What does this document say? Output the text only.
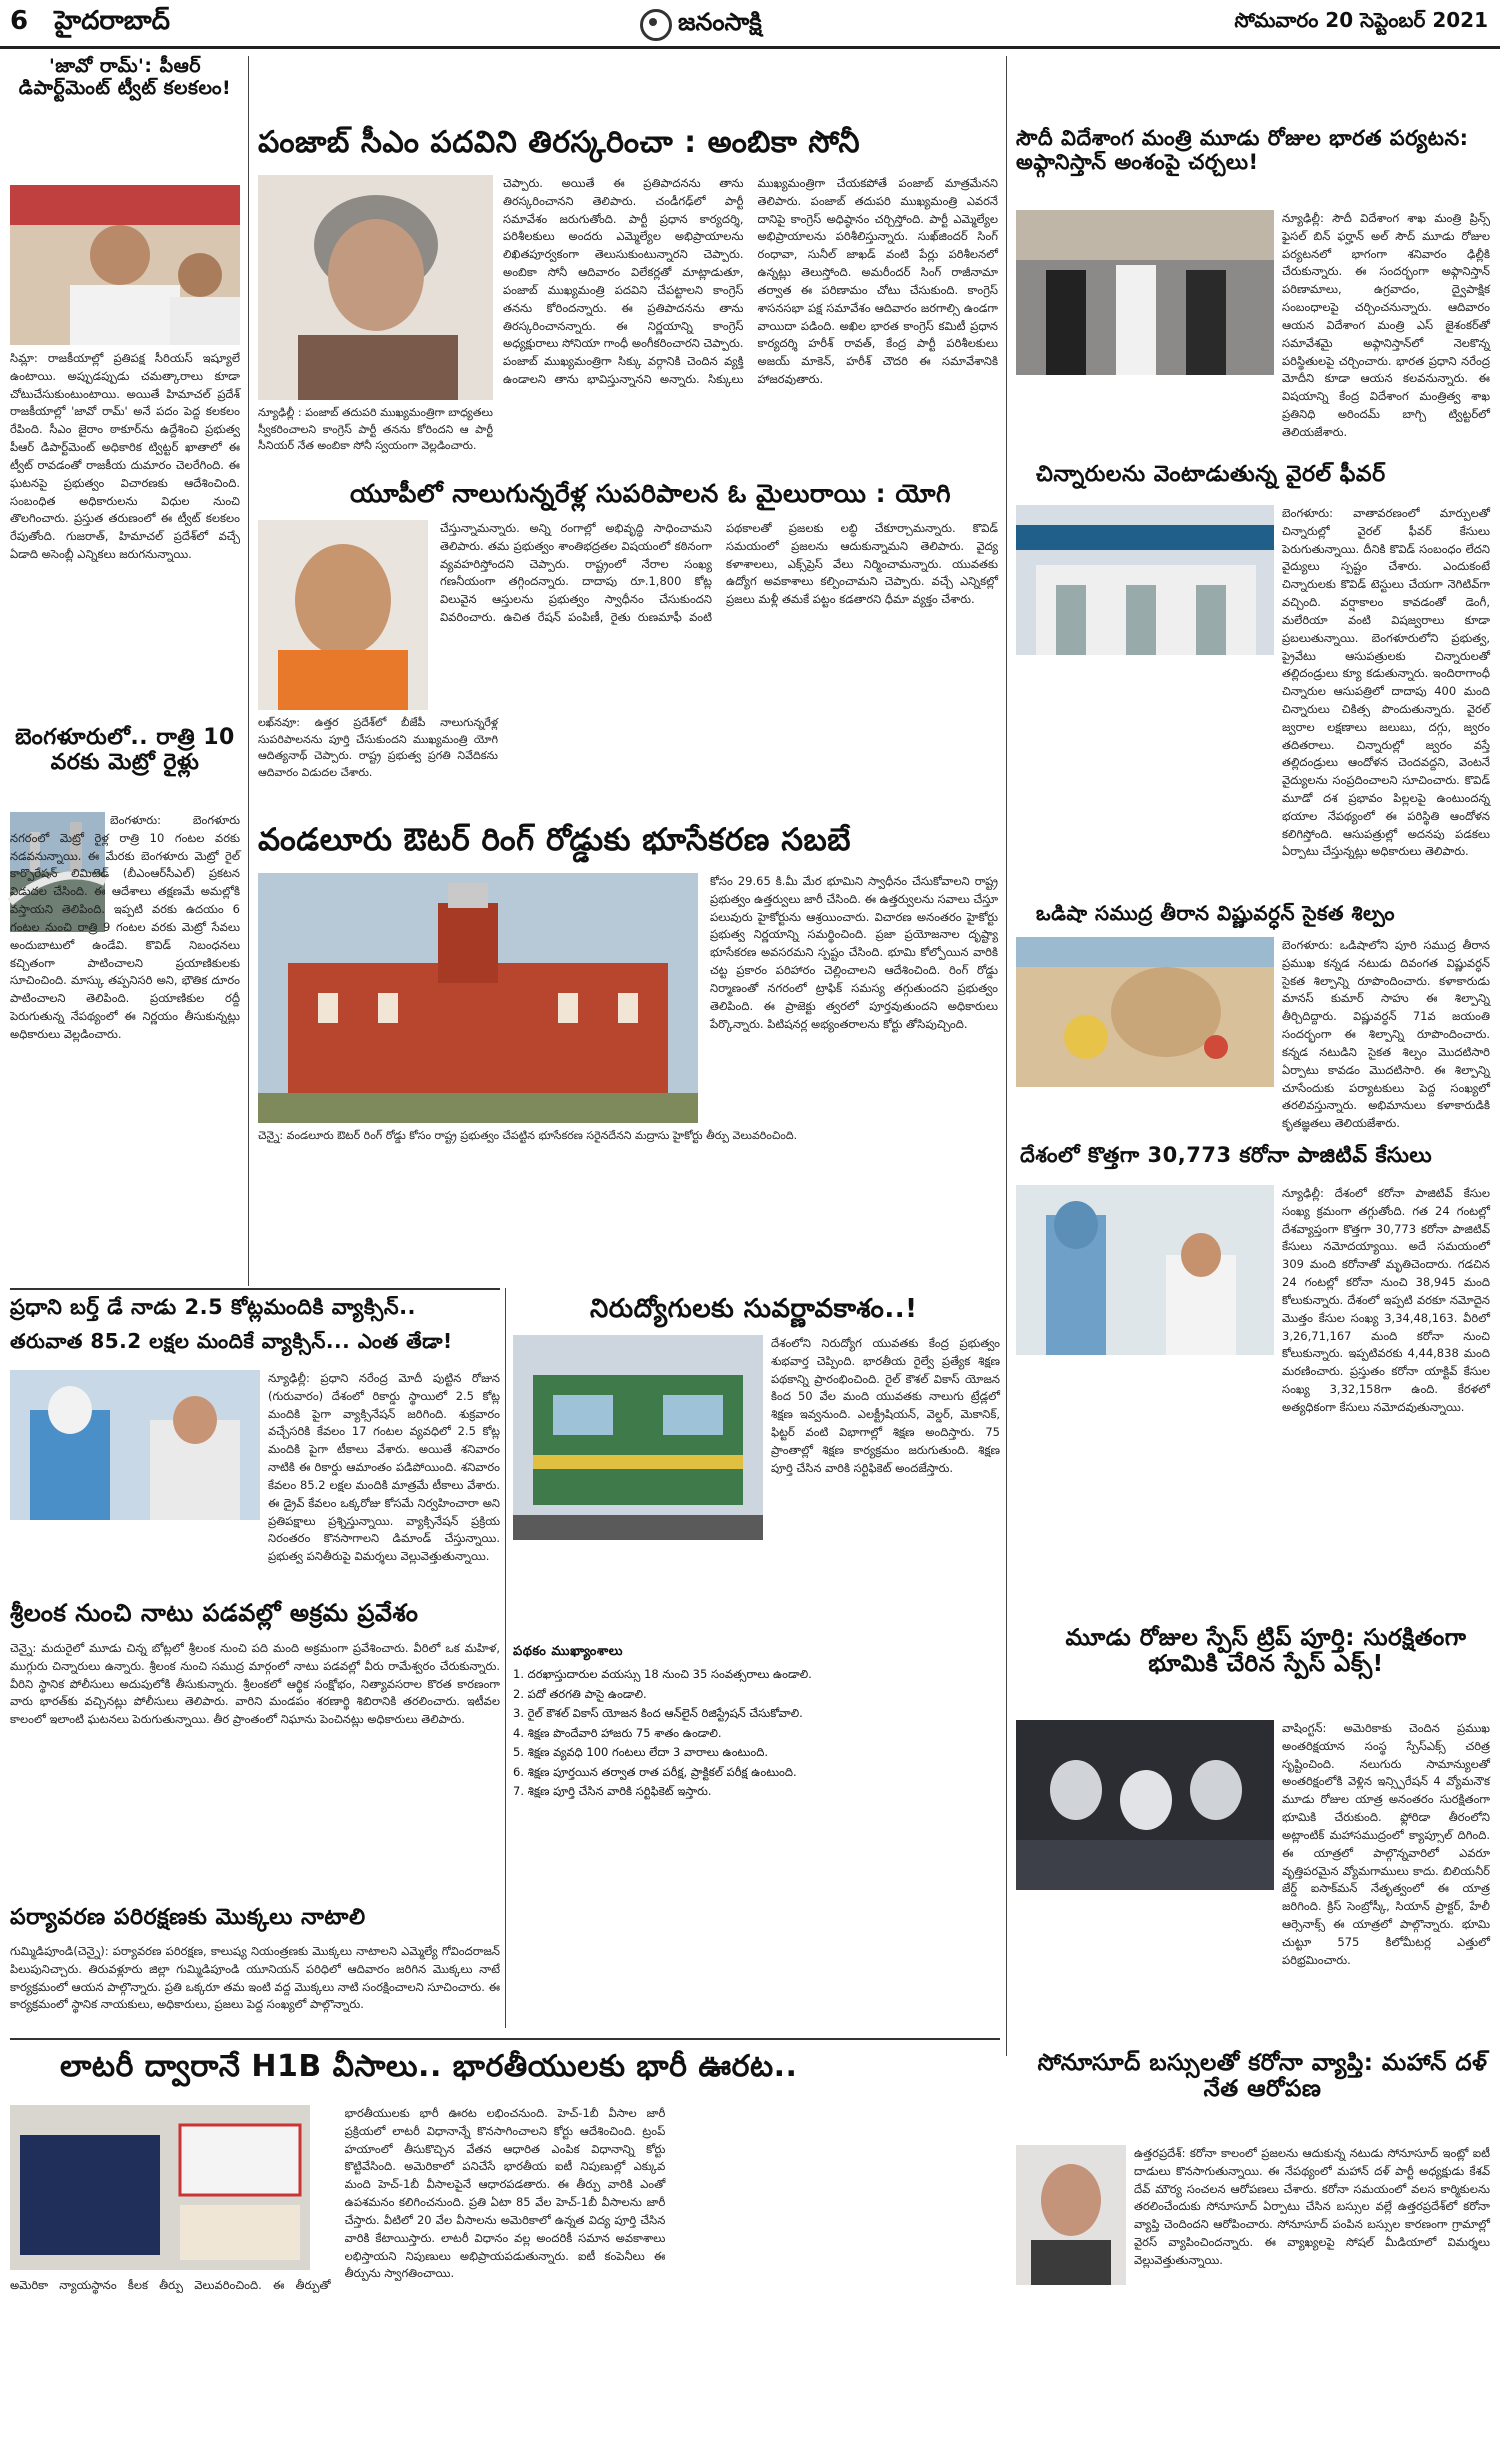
6 హైదరాబాద్	జనంసాక్షి	సోమవారం 20 సెప్టెంబర్ 2021
'జావో రామ్': పీఆర్ డిపార్ట్‌మెంట్ ట్వీట్ కలకలం!
సిమ్లా: రాజకీయాల్లో ప్రతిపక్ష సీరియస్ ఇష్యూలే ఉంటాయి. అప్పుడప్పుడు చమత్కారాలు కూడా చోటుచేసుకుంటుంటాయి. అయితే హిమాచల్ ప్రదేశ్ రాజకీయాల్లో 'జావో రామ్' అనే పదం పెద్ద కలకలం రేపింది. సీఎం జైరాం ఠాకూర్‌ను ఉద్దేశించి ప్రభుత్వ పీఆర్ డిపార్ట్‌మెంట్ అధికారిక ట్విట్టర్ ఖాతాలో ఈ ట్వీట్ రావడంతో రాజకీయ దుమారం చెలరేగింది. ఈ ఘటనపై ప్రభుత్వం విచారణకు ఆదేశించింది. సంబంధిత అధికారులను విధుల నుంచి తొలగించారు. ప్రస్తుత తరుణంలో ఈ ట్వీట్ కలకలం రేపుతోంది. గుజరాత్, హిమాచల్ ప్రదేశ్‌లో వచ్చే ఏడాది అసెంబ్లీ ఎన్నికలు జరుగనున్నాయి.
బెంగళూరులో.. రాత్రి 10 వరకు మెట్రో రైళ్లు
బెంగళూరు: బెంగళూరు నగరంలో మెట్రో రైళ్ల రాత్రి 10 గంటల వరకు నడవనున్నాయి. ఈ మేరకు బెంగళూరు మెట్రో రైల్ కార్పొరేషన్ లిమిటెడ్ (బీఎంఆర్‌సీఎల్) ప్రకటన విడుదల చేసింది. ఈ ఆదేశాలు తక్షణమే అమల్లోకి వస్తాయని తెలిపింది. ఇప్పటి వరకు ఉదయం 6 గంటల నుంచి రాత్రి 9 గంటల వరకు మెట్రో సేవలు అందుబాటులో ఉండేవి. కొవిడ్ నిబంధనలు కచ్చితంగా పాటించాలని ప్రయాణికులకు సూచించింది. మాస్కు తప్పనిసరి అని, భౌతిక దూరం పాటించాలని తెలిపింది. ప్రయాణికుల రద్దీ పెరుగుతున్న నేపథ్యంలో ఈ నిర్ణయం తీసుకున్నట్లు అధికారులు వెల్లడించారు.
పంజాబ్ సీఎం పదవిని తిరస్కరించా : అంబికా సోనీ
న్యూఢిల్లీ : పంజాబ్ తదుపరి ముఖ్యమంత్రిగా బాధ్యతలు స్వీకరించాలని కాంగ్రెస్ పార్టీ తనను కోరిందని ఆ పార్టీ సీనియర్ నేత అంబికా సోనీ స్వయంగా వెల్లడించారు.
చెప్పారు. అయితే ఈ ప్రతిపాదనను తాను తిరస్కరించానని తెలిపారు. చండీగఢ్‌లో పార్టీ సమావేశం జరుగుతోంది. పార్టీ ప్రధాన కార్యదర్శి, పరిశీలకులు అందరు ఎమ్మెల్యేల అభిప్రాయాలను లిఖితపూర్వకంగా తెలుసుకుంటున్నారని చెప్పారు. అంబికా సోనీ ఆదివారం విలేకర్లతో మాట్లాడుతూ, పంజాబ్ ముఖ్యమంత్రి పదవిని చేపట్టాలని కాంగ్రెస్ తనను కోరిందన్నారు. ఈ ప్రతిపాదనను తాను తిరస్కరించానన్నారు. ఈ నిర్ణయాన్ని కాంగ్రెస్ అధ్యక్షురాలు సోనియా గాంధీ అంగీకరించారని చెప్పారు. పంజాబ్ ముఖ్యమంత్రిగా సిక్కు వర్గానికి చెందిన వ్యక్తి ఉండాలని తాను భావిస్తున్నానని అన్నారు. సిక్కులు ముఖ్యమంత్రిగా చేయకపోతే పంజాబ్ మాత్రమేనని తెలిపారు. పంజాబ్ తదుపరి ముఖ్యమంత్రి ఎవరనే దానిపై కాంగ్రెస్ అధిష్ఠానం చర్చిస్తోంది. పార్టీ ఎమ్మెల్యేల అభిప్రాయాలను పరిశీలిస్తున్నారు. సుఖ్‌జిందర్ సింగ్ రంధావా, సునీల్ జాఖడ్ వంటి పేర్లు పరిశీలనలో ఉన్నట్లు తెలుస్తోంది. అమరీందర్ సింగ్ రాజీనామా తర్వాత ఈ పరిణామం చోటు చేసుకుంది. కాంగ్రెస్ శాసనసభా పక్ష సమావేశం ఆదివారం జరగాల్సి ఉండగా వాయిదా పడింది. అఖిల భారత కాంగ్రెస్ కమిటీ ప్రధాన కార్యదర్శి హరీశ్ రావత్, కేంద్ర పార్టీ పరిశీలకులు అజయ్ మాకెన్, హరీశ్ చౌదరి ఈ సమావేశానికి హాజరవుతారు.
యూపీలో నాలుగున్నరేళ్ల సుపరిపాలన ఓ మైలురాయి : యోగి
లఖ్‌నవూ: ఉత్తర ప్రదేశ్‌లో బీజేపీ నాలుగున్నరేళ్ల సుపరిపాలనను పూర్తి చేసుకుందని ముఖ్యమంత్రి యోగి ఆదిత్యనాథ్ చెప్పారు. రాష్ట్ర ప్రభుత్వ ప్రగతి నివేదికను ఆదివారం విడుదల చేశారు.
చేస్తున్నామన్నారు. అన్ని రంగాల్లో అభివృద్ధి సాధించామని తెలిపారు. తమ ప్రభుత్వం శాంతిభద్రతల విషయంలో కఠినంగా వ్యవహరిస్తోందని చెప్పారు. రాష్ట్రంలో నేరాల సంఖ్య గణనీయంగా తగ్గిందన్నారు. దాదాపు రూ.1,800 కోట్ల విలువైన ఆస్తులను ప్రభుత్వం స్వాధీనం చేసుకుందని వివరించారు. ఉచిత రేషన్ పంపిణీ, రైతు రుణమాఫీ వంటి పథకాలతో ప్రజలకు లబ్ధి చేకూర్చామన్నారు. కొవిడ్ సమయంలో ప్రజలను ఆదుకున్నామని తెలిపారు. వైద్య కళాశాలలు, ఎక్స్‌ప్రెస్ వేలు నిర్మించామన్నారు. యువతకు ఉద్యోగ అవకాశాలు కల్పించామని చెప్పారు. వచ్చే ఎన్నికల్లో ప్రజలు మళ్లీ తమకే పట్టం కడతారని ధీమా వ్యక్తం చేశారు.
వండలూరు ఔటర్ రింగ్ రోడ్డుకు భూసేకరణ సబబే
కోసం 29.65 కి.మీ మేర భూమిని స్వాధీనం చేసుకోవాలని రాష్ట్ర ప్రభుత్వం ఉత్తర్వులు జారీ చేసింది. ఈ ఉత్తర్వులను సవాలు చేస్తూ పలువురు హైకోర్టును ఆశ్రయించారు. విచారణ అనంతరం హైకోర్టు ప్రభుత్వ నిర్ణయాన్ని సమర్థించింది. ప్రజా ప్రయోజనాల దృష్ట్యా భూసేకరణ అవసరమని స్పష్టం చేసింది. భూమి కోల్పోయిన వారికి చట్ట ప్రకారం పరిహారం చెల్లించాలని ఆదేశించింది. రింగ్ రోడ్డు నిర్మాణంతో నగరంలో ట్రాఫిక్ సమస్య తగ్గుతుందని ప్రభుత్వం తెలిపింది. ఈ ప్రాజెక్టు త్వరలో పూర్తవుతుందని అధికారులు పేర్కొన్నారు. పిటిషనర్ల అభ్యంతరాలను కోర్టు తోసిపుచ్చింది.
చెన్నై: వండలూరు ఔటర్ రింగ్ రోడ్డు కోసం రాష్ట్ర ప్రభుత్వం చేపట్టిన భూసేకరణ సరైనదేనని మద్రాసు హైకోర్టు తీర్పు వెలువరించింది.
సౌదీ విదేశాంగ మంత్రి మూడు రోజుల భారత పర్యటన: అఫ్గానిస్తాన్ అంశంపై చర్చలు!
న్యూఢిల్లీ: సౌదీ విదేశాంగ శాఖ మంత్రి ప్రిన్స్ ఫైసల్ బిన్ ఫర్హాన్ అల్ సౌద్ మూడు రోజుల పర్యటనలో భాగంగా శనివారం ఢిల్లీకి చేరుకున్నారు. ఈ సందర్భంగా అఫ్గానిస్తాన్ పరిణామాలు, ఉగ్రవాదం, ద్వైపాక్షిక సంబంధాలపై చర్చించనున్నారు. ఆదివారం ఆయన విదేశాంగ మంత్రి ఎస్ జైశంకర్‌తో సమావేశమై అఫ్గానిస్తాన్‌లో నెలకొన్న పరిస్థితులపై చర్చించారు. భారత ప్రధాని నరేంద్ర మోదీని కూడా ఆయన కలవనున్నారు. ఈ విషయాన్ని కేంద్ర విదేశాంగ మంత్రిత్వ శాఖ ప్రతినిధి అరిందమ్ బాగ్చి ట్విట్టర్‌లో తెలియజేశారు.
చిన్నారులను వెంటాడుతున్న వైరల్ ఫీవర్
బెంగళూరు: వాతావరణంలో మార్పులతో చిన్నారుల్లో వైరల్ ఫీవర్ కేసులు పెరుగుతున్నాయి. దీనికి కొవిడ్ సంబంధం లేదని వైద్యులు స్పష్టం చేశారు. ఎందుకంటే చిన్నారులకు కొవిడ్ టెస్టులు చేయగా నెగిటివ్‌గా వచ్చింది. వర్షాకాలం కావడంతో డెంగీ, మలేరియా వంటి విషజ్వరాలు కూడా ప్రబలుతున్నాయి. బెంగళూరులోని ప్రభుత్వ, ప్రైవేటు ఆసుపత్రులకు చిన్నారులతో తల్లిదండ్రులు క్యూ కడుతున్నారు. ఇందిరాగాంధీ చిన్నారుల ఆసుపత్రిలో దాదాపు 400 మంది చిన్నారులు చికిత్స పొందుతున్నారు. వైరల్ జ్వరాల లక్షణాలు జలుబు, దగ్గు, జ్వరం తదితరాలు. చిన్నారుల్లో జ్వరం వస్తే తల్లిదండ్రులు ఆందోళన చెందవద్దని, వెంటనే వైద్యులను సంప్రదించాలని సూచించారు. కొవిడ్ మూడో దశ ప్రభావం పిల్లలపై ఉంటుందన్న భయాల నేపథ్యంలో ఈ పరిస్థితి ఆందోళన కలిగిస్తోంది. ఆసుపత్రుల్లో అదనపు పడకలు ఏర్పాటు చేస్తున్నట్లు అధికారులు తెలిపారు.
ఒడిషా సముద్ర తీరాన విష్ణువర్ధన్ సైకత శిల్పం
బెంగళూరు: ఒడిషాలోని పూరి సముద్ర తీరాన ప్రముఖ కన్నడ నటుడు దివంగత విష్ణువర్ధన్ సైకత శిల్పాన్ని రూపొందించారు. కళాకారుడు మానస్ కుమార్ సాహు ఈ శిల్పాన్ని తీర్చిదిద్దారు. విష్ణువర్ధన్ 71వ జయంతి సందర్భంగా ఈ శిల్పాన్ని రూపొందించారు. కన్నడ నటుడిని సైకత శిల్పం మొదటిసారి ఏర్పాటు కావడం మొదటిసారి. ఈ శిల్పాన్ని చూసేందుకు పర్యాటకులు పెద్ద సంఖ్యలో తరలివస్తున్నారు. అభిమానులు కళాకారుడికి కృతజ్ఞతలు తెలియజేశారు.
దేశంలో కొత్తగా 30,773 కరోనా పాజిటివ్ కేసులు
న్యూఢిల్లీ: దేశంలో కరోనా పాజిటివ్ కేసుల సంఖ్య క్రమంగా తగ్గుతోంది. గత 24 గంటల్లో దేశవ్యాప్తంగా కొత్తగా 30,773 కరోనా పాజిటివ్ కేసులు నమోదయ్యాయి. అదే సమయంలో 309 మంది కరోనాతో మృతిచెందారు. గడచిన 24 గంటల్లో కరోనా నుంచి 38,945 మంది కోలుకున్నారు. దేశంలో ఇప్పటి వరకూ నమోదైన మొత్తం కేసుల సంఖ్య 3,34,48,163. వీరిలో 3,26,71,167 మంది కరోనా నుంచి కోలుకున్నారు. ఇప్పటివరకు 4,44,838 మంది మరణించారు. ప్రస్తుతం కరోనా యాక్టివ్ కేసుల సంఖ్య 3,32,158గా ఉంది. కేరళలో అత్యధికంగా కేసులు నమోదవుతున్నాయి.
మూడు రోజుల స్పేస్ ట్రిప్ పూర్తి: సురక్షితంగా భూమికి చేరిన స్పేస్ ఎక్స్!
వాషింగ్టన్: అమెరికాకు చెందిన ప్రముఖ అంతరిక్షయాన సంస్థ స్పేస్ఎక్స్ చరిత్ర సృష్టించింది. నలుగురు సామాన్యులతో అంతరిక్షంలోకి వెళ్లిన ఇన్స్పిరేషన్ 4 వ్యోమనౌక మూడు రోజుల యాత్ర అనంతరం సురక్షితంగా భూమికి చేరుకుంది. ఫ్లోరిడా తీరంలోని అట్లాంటిక్ మహాసముద్రంలో క్యాప్సూల్ దిగింది. ఈ యాత్రలో పాల్గొన్నవారిలో ఎవరూ వృత్తిపరమైన వ్యోమగాములు కాదు. బిలియనీర్ జేర్డ్ ఐసాక్‌మన్ నేతృత్వంలో ఈ యాత్ర జరిగింది. క్రిస్ సెంబ్రోస్కీ, సియాన్ ప్రాక్టర్, హేలీ ఆర్సెనాక్స్ ఈ యాత్రలో పాల్గొన్నారు. భూమి చుట్టూ 575 కిలోమీటర్ల ఎత్తులో పరిభ్రమించారు.
సోనూసూద్ బస్సులతో కరోనా వ్యాప్తి: మహాన్ దళ్ నేత ఆరోపణ
ఉత్తరప్రదేశ్: కరోనా కాలంలో ప్రజలను ఆదుకున్న నటుడు సోనూసూద్ ఇంట్లో ఐటీ దాడులు కొనసాగుతున్నాయి. ఈ నేపథ్యంలో మహాన్ దళ్ పార్టీ అధ్యక్షుడు కేశవ్ దేవ్ మౌర్య సంచలన ఆరోపణలు చేశారు. కరోనా సమయంలో వలస కార్మికులను తరలించేందుకు సోనూసూద్ ఏర్పాటు చేసిన బస్సుల వల్లే ఉత్తరప్రదేశ్‌లో కరోనా వ్యాప్తి చెందిందని ఆరోపించారు. సోనూసూద్ పంపిన బస్సుల కారణంగా గ్రామాల్లో వైరస్ వ్యాపించిందన్నారు. ఈ వ్యాఖ్యలపై సోషల్ మీడియాలో విమర్శలు వెల్లువెత్తుతున్నాయి.
ప్రధాని బర్త్ డే నాడు 2.5 కోట్లమందికి వ్యాక్సిన్..
తరువాత 85.2 లక్షల మందికే వ్యాక్సిన్... ఎంత తేడా!
న్యూఢిల్లీ: ప్రధాని నరేంద్ర మోదీ పుట్టిన రోజున (గురువారం) దేశంలో రికార్డు స్థాయిలో 2.5 కోట్ల మందికి పైగా వ్యాక్సినేషన్ జరిగింది. శుక్రవారం వచ్చేసరికి కేవలం 17 గంటల వ్యవధిలో 2.5 కోట్ల మందికి పైగా టీకాలు వేశారు. అయితే శనివారం నాటికి ఈ రికార్డు ఆమాంతం పడిపోయింది. శనివారం కేవలం 85.2 లక్షల మందికి మాత్రమే టీకాలు వేశారు. ఈ డ్రైవ్ కేవలం ఒక్కరోజు కోసమే నిర్వహించారా అని ప్రతిపక్షాలు ప్రశ్నిస్తున్నాయి. వ్యాక్సినేషన్ ప్రక్రియ నిరంతరం కొనసాగాలని డిమాండ్ చేస్తున్నాయి. ప్రభుత్వ పనితీరుపై విమర్శలు వెల్లువెత్తుతున్నాయి.
శ్రీలంక నుంచి నాటు పడవల్లో అక్రమ ప్రవేశం
చెన్నై: మదురైలో మూడు చిన్న బోట్లలో శ్రీలంక నుంచి పది మంది అక్రమంగా ప్రవేశించారు. వీరిలో ఒక మహిళ, ముగ్గురు చిన్నారులు ఉన్నారు. శ్రీలంక నుంచి సముద్ర మార్గంలో నాటు పడవల్లో వీరు రామేశ్వరం చేరుకున్నారు. వీరిని స్థానిక పోలీసులు అదుపులోకి తీసుకున్నారు. శ్రీలంకలో ఆర్థిక సంక్షోభం, నిత్యావసరాల కొరత కారణంగా వారు భారత్‌కు వచ్చినట్లు పోలీసులు తెలిపారు. వారిని మండపం శరణార్థి శిబిరానికి తరలించారు. ఇటీవల కాలంలో ఇలాంటి ఘటనలు పెరుగుతున్నాయి. తీర ప్రాంతంలో నిఘాను పెంచినట్లు అధికారులు తెలిపారు.
పర్యావరణ పరిరక్షణకు మొక్కలు నాటాలి
గుమ్మిడిపూండి(చెన్నై): పర్యావరణ పరిరక్షణ, కాలుష్య నియంత్రణకు మొక్కలు నాటాలని ఎమ్మెల్యే గోవిందరాజన్ పిలుపునిచ్చారు. తిరువళ్లూరు జిల్లా గుమ్మిడిపూండి యూనియన్ పరిధిలో ఆదివారం జరిగిన మొక్కలు నాటే కార్యక్రమంలో ఆయన పాల్గొన్నారు. ప్రతి ఒక్కరూ తమ ఇంటి వద్ద మొక్కలు నాటి సంరక్షించాలని సూచించారు. ఈ కార్యక్రమంలో స్థానిక నాయకులు, అధికారులు, ప్రజలు పెద్ద సంఖ్యలో పాల్గొన్నారు.
నిరుద్యోగులకు సువర్ణావకాశం..!
దేశంలోని నిరుద్యోగ యువతకు కేంద్ర ప్రభుత్వం శుభవార్త చెప్పింది. భారతీయ రైల్వే ప్రత్యేక శిక్షణ పథకాన్ని ప్రారంభించింది. రైల్ కౌశల్ వికాస్ యోజన కింద 50 వేల మంది యువతకు నాలుగు ట్రేడ్లలో శిక్షణ ఇవ్వనుంది. ఎలక్ట్రీషియన్, వెల్డర్, మెకానిక్, ఫిట్టర్ వంటి విభాగాల్లో శిక్షణ అందిస్తారు. 75 ప్రాంతాల్లో శిక్షణ కార్యక్రమం జరుగుతుంది. శిక్షణ పూర్తి చేసిన వారికి సర్టిఫికెట్ అందజేస్తారు.
పథకం ముఖ్యాంశాలు
1. దరఖాస్తుదారుల వయస్సు 18 నుంచి 35 సంవత్సరాలు ఉండాలి.
2. పదో తరగతి పాసై ఉండాలి.
3. రైల్ కౌశల్ వికాస్ యోజన కింద ఆన్‌లైన్ రిజిస్ట్రేషన్ చేసుకోవాలి.
4. శిక్షణ పొందేవారి హాజరు 75 శాతం ఉండాలి.
5. శిక్షణ వ్యవధి 100 గంటలు లేదా 3 వారాలు ఉంటుంది.
6. శిక్షణ పూర్తయిన తర్వాత రాత పరీక్ష, ప్రాక్టికల్ పరీక్ష ఉంటుంది.
7. శిక్షణ పూర్తి చేసిన వారికి సర్టిఫికెట్ ఇస్తారు.
లాటరీ ద్వారానే H1B వీసాలు.. భారతీయులకు భారీ ఊరట..
అమెరికా న్యాయస్థానం కీలక తీర్పు వెలువరించింది. ఈ తీర్పుతో భారతీయులకు భారీ ఊరట లభించనుంది. హెచ్-1బీ వీసాల జారీ ప్రక్రియలో లాటరీ విధానాన్నే కొనసాగించాలని కోర్టు ఆదేశించింది. ట్రంప్ హయాంలో తీసుకొచ్చిన వేతన ఆధారిత ఎంపిక విధానాన్ని కోర్టు కొట్టివేసింది. అమెరికాలో పనిచేసే భారతీయ ఐటీ నిపుణుల్లో ఎక్కువ మంది హెచ్-1బీ వీసాలపైనే ఆధారపడతారు. ఈ తీర్పు వారికి ఎంతో ఉపశమనం కలిగించనుంది. ప్రతి ఏటా 85 వేల హెచ్-1బీ వీసాలను జారీ చేస్తారు. వీటిలో 20 వేల వీసాలను అమెరికాలో ఉన్నత విద్య పూర్తి చేసిన వారికి కేటాయిస్తారు. లాటరీ విధానం వల్ల అందరికీ సమాన అవకాశాలు లభిస్తాయని నిపుణులు అభిప్రాయపడుతున్నారు. ఐటీ కంపెనీలు ఈ తీర్పును స్వాగతించాయి.
